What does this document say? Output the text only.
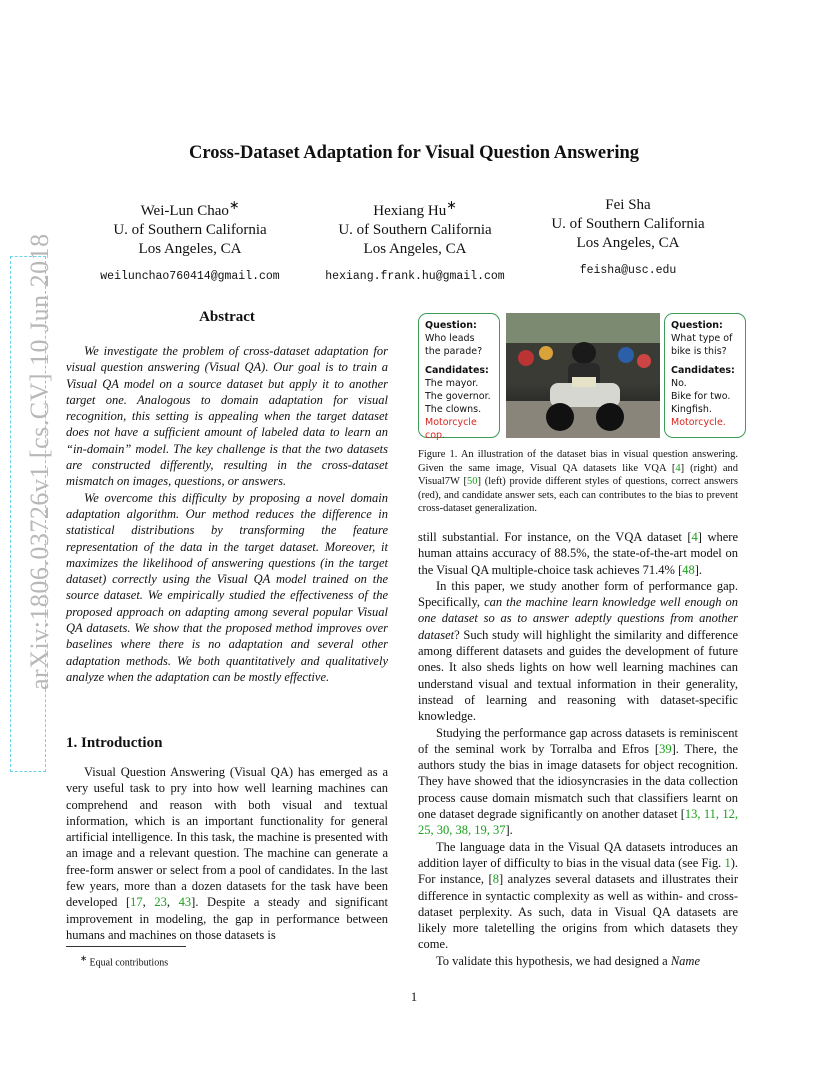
arXiv:1806.03726v1 [cs.CV] 10 Jun 2018
Cross-Dataset Adaptation for Visual Question Answering
Wei-Lun Chao∗
U. of Southern California
Los Angeles, CA
weilunchao760414@gmail.com
Hexiang Hu∗
U. of Southern California
Los Angeles, CA
hexiang.frank.hu@gmail.com
Fei Sha
U. of Southern California
Los Angeles, CA
feisha@usc.edu
Abstract

We investigate the problem of cross-dataset adaptation for visual question answering (Visual QA). Our goal is to train a Visual QA model on a source dataset but apply it to another target one. Analogous to domain adaptation for visual recognition, this setting is appealing when the target dataset does not have a sufficient amount of labeled data to learn an “in-domain” model. The key challenge is that the two datasets are constructed differently, resulting in the cross-dataset mismatch on images, questions, or answers.

We overcome this difficulty by proposing a novel domain adaptation algorithm. Our method reduces the difference in statistical distributions by transforming the feature representation of the data in the target dataset. Moreover, it maximizes the likelihood of answering questions (in the target dataset) correctly using the Visual QA model trained on the source dataset. We empirically studied the effectiveness of the proposed approach on adapting among several popular Visual QA datasets. We show that the proposed method improves over baselines where there is no adaptation and several other adaptation methods. We both quantitatively and qualitatively analyze when the adaptation can be mostly effective.

1. Introduction

Visual Question Answering (Visual QA) has emerged as a very useful task to pry into how well learning machines can comprehend and reason with both visual and textual information, which is an important functionality for general artificial intelligence. In this task, the machine is presented with an image and a relevant question. The machine can generate a free-form answer or select from a pool of candidates. In the last few years, more than a dozen datasets for the task have been developed [17, 23, 43]. Despite a steady and significant improvement in modeling, the gap in performance between humans and machines on those datasets is

∗ Equal contributions
Question:
Who leads the parade?
Candidates:
The mayor.
The governor.
The clowns.
Motorcycle cop.
Question:
What type of bike is this?
Candidates:
No.
Bike for two.
Kingfish.
Motorcycle.
Figure 1. An illustration of the dataset bias in visual question answering. Given the same image, Visual QA datasets like VQA [4] (right) and Visual7W [50] (left) provide different styles of questions, correct answers (red), and candidate answer sets, each can contributes to the bias to prevent cross-dataset generalization.

still substantial. For instance, on the VQA dataset [4] where human attains accuracy of 88.5%, the state-of-the-art model on the Visual QA multiple-choice task achieves 71.4% [48].

In this paper, we study another form of performance gap. Specifically, can the machine learn knowledge well enough on one dataset so as to answer adeptly questions from another dataset? Such study will highlight the similarity and difference among different datasets and guides the development of future ones. It also sheds lights on how well learning machines can understand visual and textual information in their generality, instead of learning and reasoning with dataset-specific knowledge.

Studying the performance gap across datasets is reminiscent of the seminal work by Torralba and Efros [39]. There, the authors study the bias in image datasets for object recognition. They have showed that the idiosyncrasies in the data collection process cause domain mismatch such that classifiers learnt on one dataset degrade significantly on another dataset [13, 11, 12, 25, 30, 38, 19, 37].

The language data in the Visual QA datasets introduces an addition layer of difficulty to bias in the visual data (see Fig. 1). For instance, [8] analyzes several datasets and illustrates their difference in syntactic complexity as well as within- and cross-dataset perplexity. As such, data in Visual QA datasets are likely more taletelling the origins from which datasets they come.

To validate this hypothesis, we had designed a Name

1
